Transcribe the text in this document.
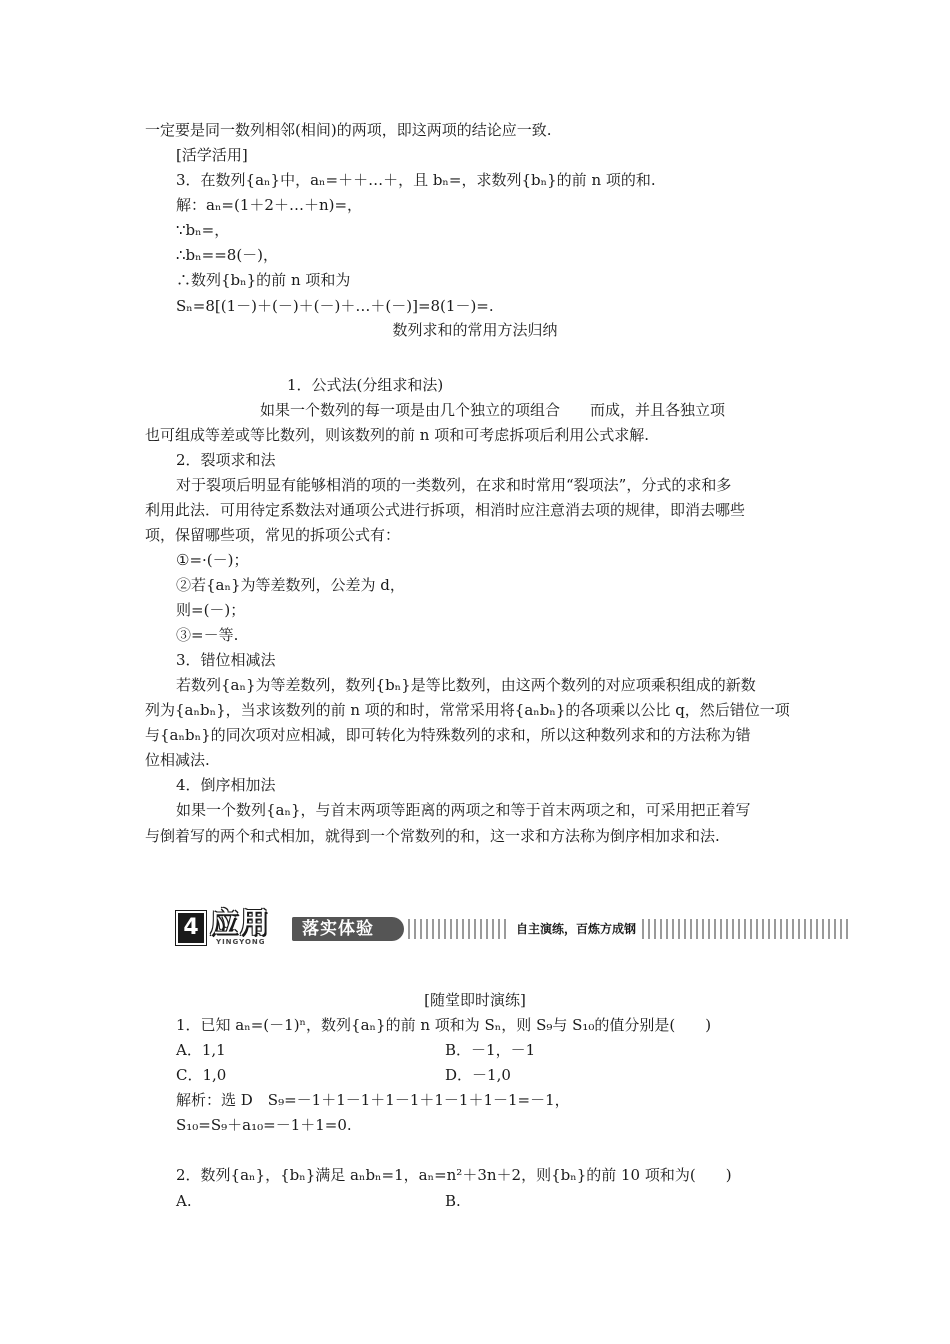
一定要是同一数列相邻(相间)的两项，即这两项的结论应一致.
[活学活用]
3．在数列{aₙ}中，aₙ=＋＋…＋，且 bₙ=，求数列{bₙ}的前 n 项的和.
解：aₙ=(1＋2＋…＋n)=，
∵bₙ=，
∴bₙ==8(－)，
∴数列{bₙ}的前 n 项和为
Sₙ=8[(1－)＋(－)＋(－)＋…＋(－)]=8(1－)=.
1．公式法(分组求和法)
如果一个数列的每一项是由几个独立的项组合　　而成，并且各独立项
也可组成等差或等比数列，则该数列的前 n 项和可考虑拆项后利用公式求解.
2．裂项求和法
对于裂项后明显有能够相消的项的一类数列，在求和时常用“裂项法”，分式的求和多
利用此法．可用待定系数法对通项公式进行拆项，相消时应注意消去项的规律，即消去哪些
项，保留哪些项，常见的拆项公式有：
①=·(－)；
②若{aₙ}为等差数列，公差为 d，
则=(－)；
③=－等.
3．错位相减法
若数列{aₙ}为等差数列，数列{bₙ}是等比数列，由这两个数列的对应项乘积组成的新数
列为{aₙbₙ}，当求该数列的前 n 项的和时，常常采用将{aₙbₙ}的各项乘以公比 q，然后错位一项
与{aₙbₙ}的同次项对应相减，即可转化为特殊数列的求和，所以这种数列求和的方法称为错
位相减法.
4．倒序相加法
如果一个数列{aₙ}，与首末两项等距离的两项之和等于首末两项之和，可采用把正着写
与倒着写的两个和式相加，就得到一个常数列的和，这一求和方法称为倒序相加求和法.
1．已知 aₙ=(－1)ⁿ，数列{aₙ}的前 n 项和为 Sₙ，则 S₉与 S₁₀的值分别是(　　)
A．1,1	B．－1，－1
C．1,0	D．－1,0
解析：选 D　S₉=－1＋1－1＋1－1＋1－1＋1－1=－1，
S₁₀=S₉＋a₁₀=－1＋1=0.
2．数列{aₙ}，{bₙ}满足 aₙbₙ=1，aₙ=n²＋3n＋2，则{bₙ}的前 10 项和为(　　)
A.	B.
数列求和的常用方法归纳
4 应用
YINGYONG
落实体验	自主演练，百炼方成钢
[随堂即时演练]
